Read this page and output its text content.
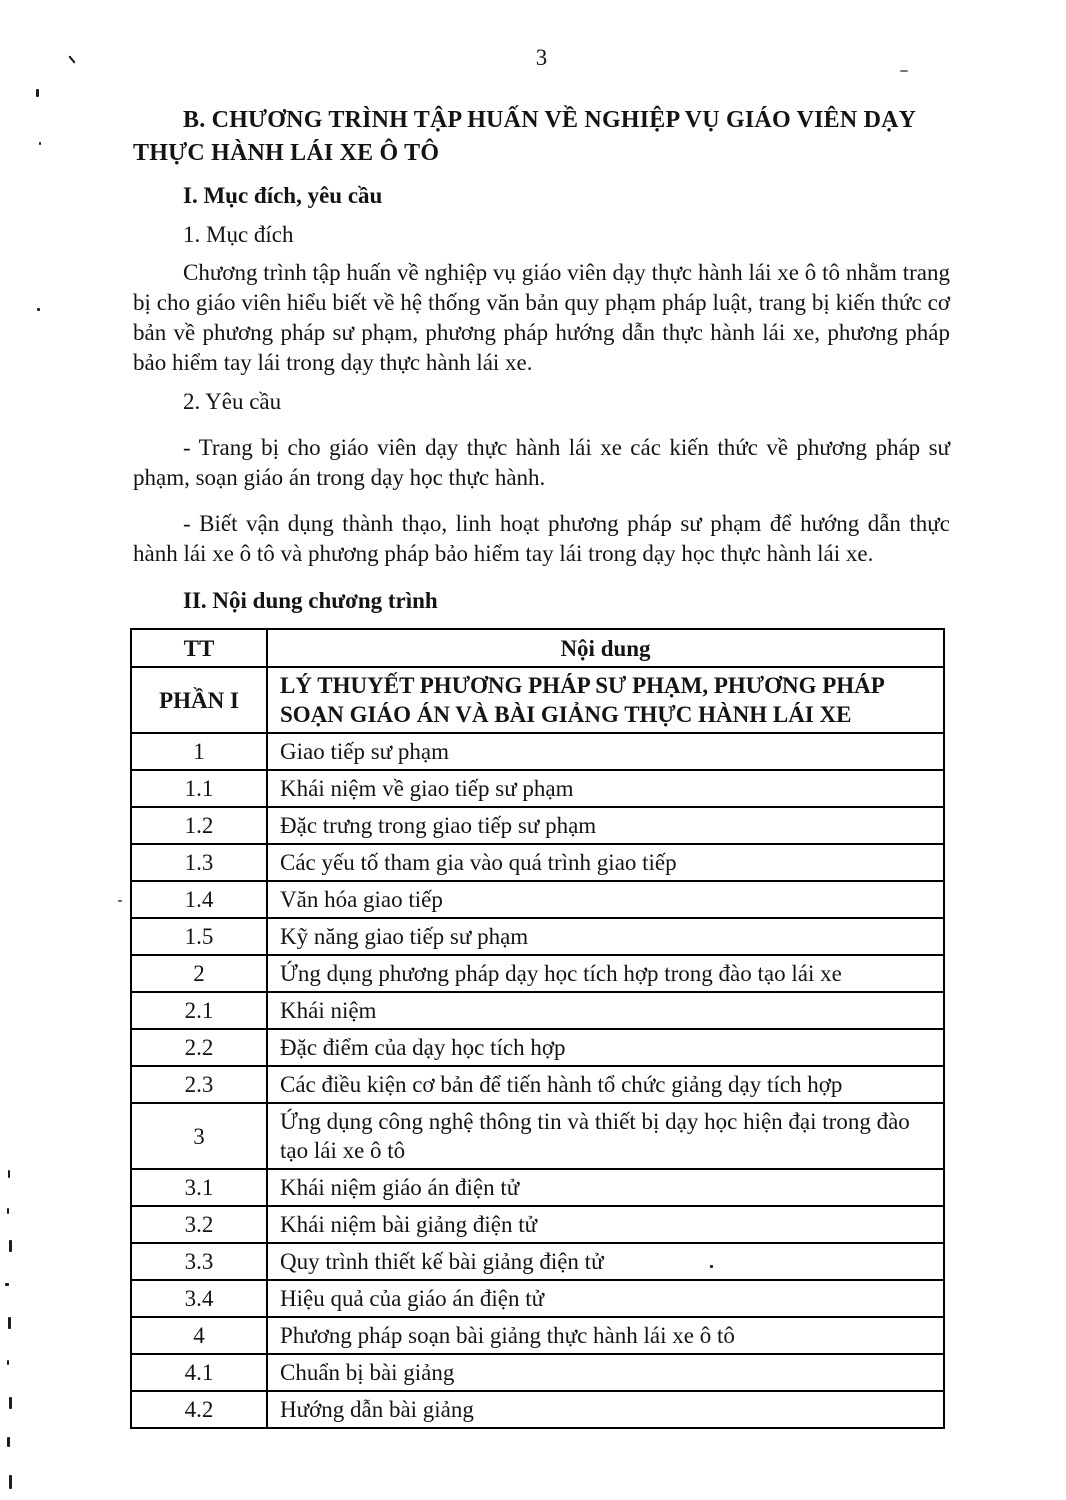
3
B. CHƯƠNG TRÌNH TẬP HUẤN VỀ NGHIỆP VỤ GIÁO VIÊN DẠY
THỰC HÀNH LÁI XE Ô TÔ
I. Mục đích, yêu cầu

1. Mục đích

Chương trình tập huấn về nghiệp vụ giáo viên dạy thực hành lái xe ô tô nhằm trang bị cho giáo viên hiểu biết về hệ thống văn bản quy phạm pháp luật, trang bị kiến thức cơ bản về phương pháp sư phạm, phương pháp hướng dẫn thực hành lái xe, phương pháp bảo hiểm tay lái trong dạy thực hành lái xe.

2. Yêu cầu

- Trang bị cho giáo viên dạy thực hành lái xe các kiến thức về phương pháp sư phạm, soạn giáo án trong dạy học thực hành.

- Biết vận dụng thành thạo, linh hoạt phương pháp sư phạm để hướng dẫn thực hành lái xe ô tô và phương pháp bảo hiểm tay lái trong dạy học thực hành lái xe.

II. Nội dung chương trình
TT	Nội dung
PHẦN I	LÝ THUYẾT PHƯƠNG PHÁP SƯ PHẠM, PHƯƠNG PHÁP SOẠN GIÁO ÁN VÀ BÀI GIẢNG THỰC HÀNH LÁI XE
1	Giao tiếp sư phạm
1.1	Khái niệm về giao tiếp sư phạm
1.2	Đặc trưng trong giao tiếp sư phạm
1.3	Các yếu tố tham gia vào quá trình giao tiếp
1.4	Văn hóa giao tiếp
1.5	Kỹ năng giao tiếp sư phạm
2	Ứng dụng phương pháp dạy học tích hợp trong đào tạo lái xe
2.1	Khái niệm
2.2	Đặc điểm của dạy học tích hợp
2.3	Các điều kiện cơ bản để tiến hành tổ chức giảng dạy tích hợp
3	Ứng dụng công nghệ thông tin và thiết bị dạy học hiện đại trong đào tạo lái xe ô tô
3.1	Khái niệm giáo án điện tử
3.2	Khái niệm bài giảng điện tử
3.3	Quy trình thiết kế bài giảng điện tử
3.4	Hiệu quả của giáo án điện tử
4	Phương pháp soạn bài giảng thực hành lái xe ô tô
4.1	Chuẩn bị bài giảng
4.2	Hướng dẫn bài giảng
